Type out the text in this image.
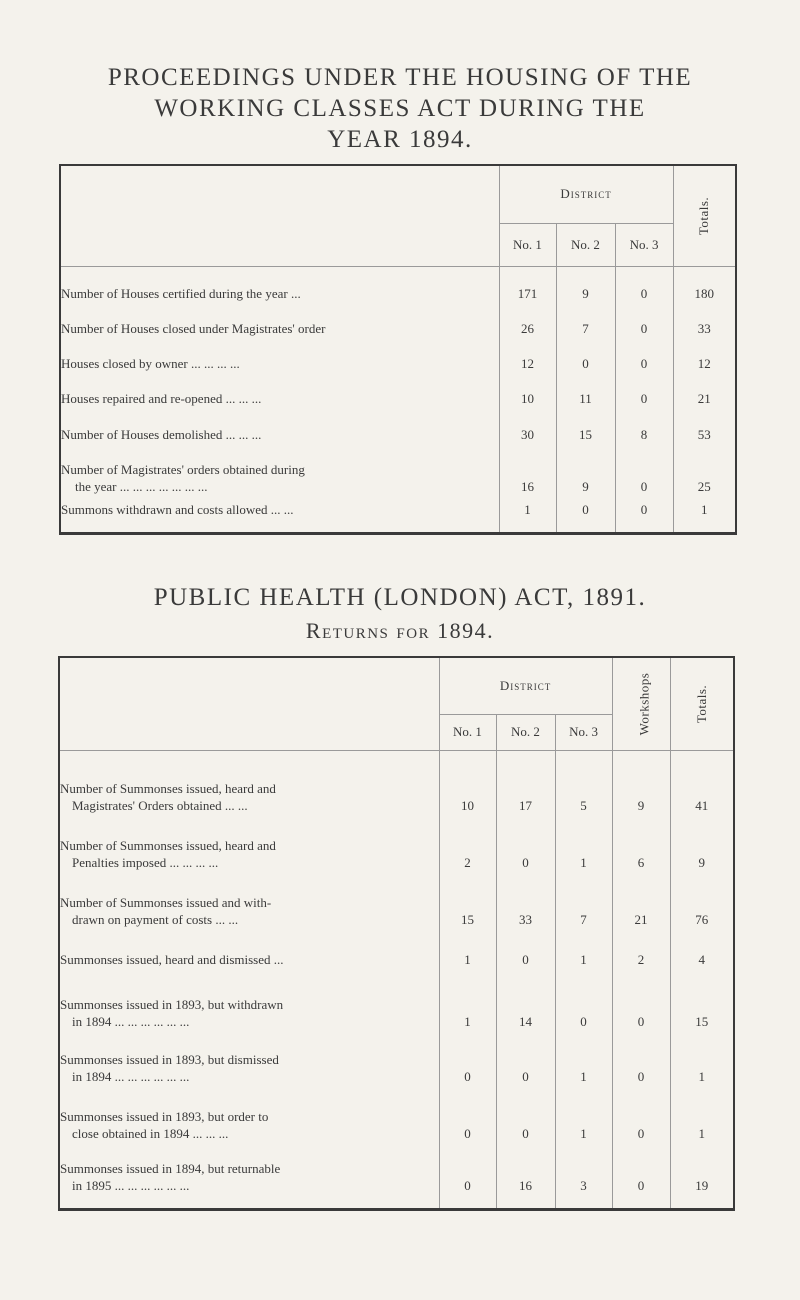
PROCEEDINGS UNDER THE HOUSING OF THE
WORKING CLASSES ACT DURING THE
YEAR 1894.
	District			Totals.
	No. 1	No. 2	No. 3	
Number of Houses certified during the year ...	171	9	0	180
Number of Houses closed under Magistrates' order	26	7	0	33
Houses closed by owner ... ... ... ...	12	0	0	12
Houses repaired and re-opened ... ... ...	10	11	0	21
Number of Houses demolished ... ... ...	30	15	8	53

Number of Magistrates' orders obtained during
the year ... ... ... ... ... ... ...	16	9	0	25
Summons withdrawn and costs allowed ... ...	1	0	0	1
PUBLIC HEALTH (LONDON) ACT, 1891.
Returns for 1894.
	District			Workshops	Totals.
	No. 1	No. 2	No. 3		

Number of Summonses issued, heard and
Magistrates' Orders obtained ... ...	10	17	5	9	41

Number of Summonses issued, heard and
Penalties imposed ... ... ... ...	2	0	1	6	9

Number of Summonses issued and with-
drawn on payment of costs ... ...	15	33	7	21	76

Summonses issued, heard and dismissed ...	1	0	1	2	4

Summonses issued in 1893, but withdrawn
in 1894 ... ... ... ... ... ...	1	14	0	0	15

Summonses issued in 1893, but dismissed
in 1894 ... ... ... ... ... ...	0	0	1	0	1

Summonses issued in 1893, but order to
close obtained in 1894 ... ... ...	0	0	1	0	1

Summonses issued in 1894, but returnable
in 1895 ... ... ... ... ... ...	0	16	3	0	19
